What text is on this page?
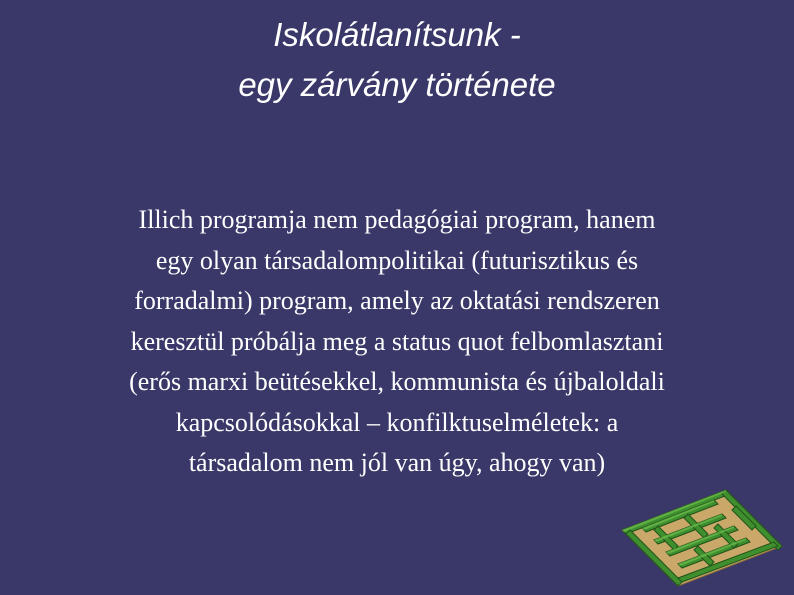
Iskolátlanítsunk -
egy zárvány története
Illich programja nem pedagógiai program, hanem
egy olyan társadalompolitikai (futurisztikus és
forradalmi) program, amely az oktatási rendszeren
keresztül próbálja meg a status quot felbomlasztani
(erős marxi beütésekkel, kommunista és újbaloldali
kapcsolódásokkal – konfilktuselméletek: a
társadalom nem jól van úgy, ahogy van)
